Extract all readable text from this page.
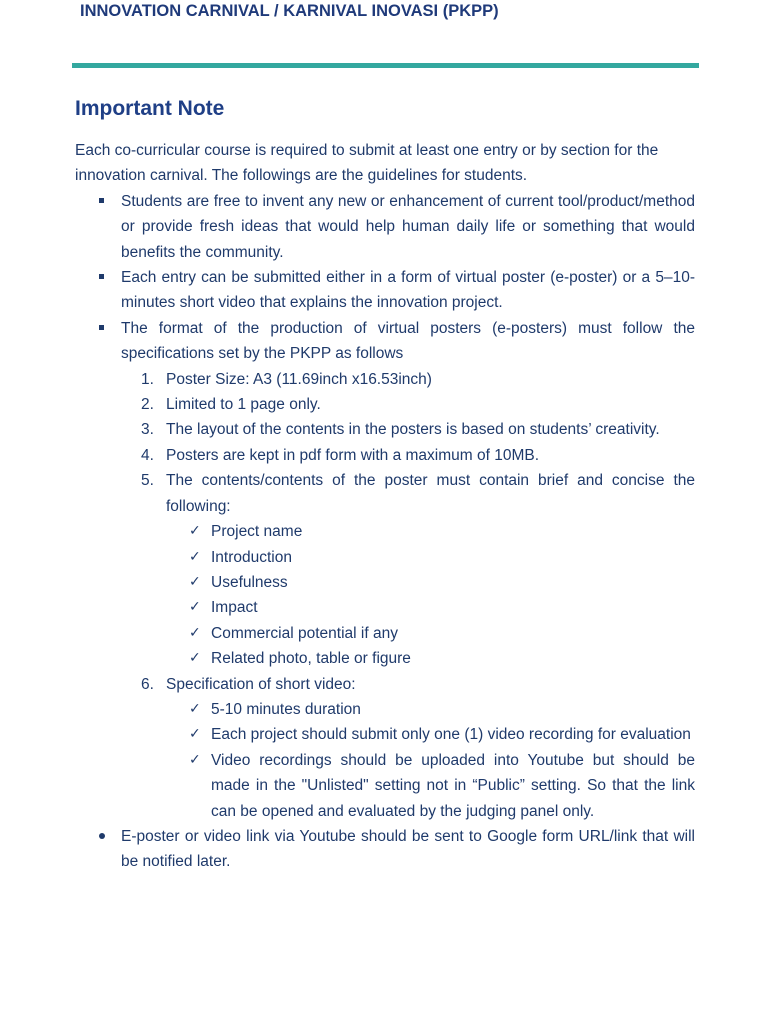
INNOVATION CARNIVAL / KARNIVAL INOVASI (PKPP)
Important Note

Each co-curricular course is required to submit at least one entry or by section for the innovation carnival. The followings are the guidelines for students.

Students are free to invent any new or enhancement of current tool/product/method or provide fresh ideas that would help human daily life or something that would benefits the community.
Each entry can be submitted either in a form of virtual poster (e-poster) or a 5–10-minutes short video that explains the innovation project.
The format of the production of virtual posters (e-posters) must follow the specifications set by the PKPP as follows
1. Poster Size: A3 (11.69inch x16.53inch)
2. Limited to 1 page only.
3. The layout of the contents in the posters is based on students’ creativity.
4. Posters are kept in pdf form with a maximum of 10MB.
5. The contents/contents of the poster must contain brief and concise the following:
✓ Project name
✓ Introduction
✓ Usefulness
✓ Impact
✓ Commercial potential if any
✓ Related photo, table or figure
6. Specification of short video:
✓ 5-10 minutes duration
✓ Each project should submit only one (1) video recording for evaluation
✓ Video recordings should be uploaded into Youtube but should be made in the "Unlisted" setting not in “Public” setting. So that the link can be opened and evaluated by the judging panel only.
E-poster or video link via Youtube should be sent to Google form URL/link that will be notified later.
